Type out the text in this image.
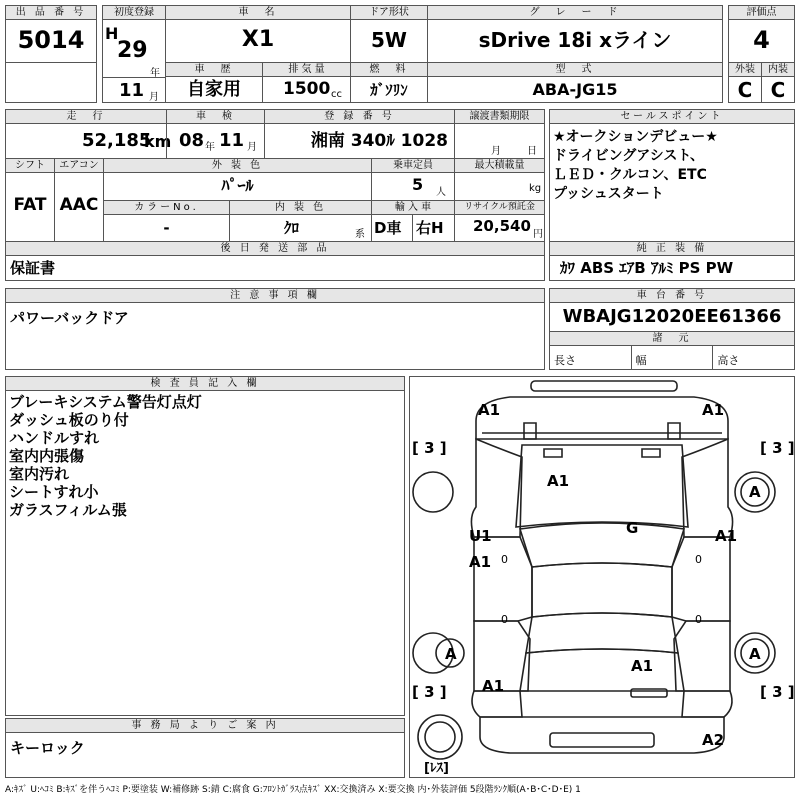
出 品 番 号
5014
初度登録
H
29
年
11 月
車　名
X1
ドア形状
5W
グ　レ　ー　ド
sDrive 18i xライン
評価点
4
車　歴
自家用
排 気 量
1500 cc
燃　料
ｶﾞｿﾘﾝ
型　式
ABA-JG15
外装
C
内装
C
走　行
52,185
km
車　検
08 年 11 月
登 録 番 号
湘南 340ﾙ 1028
譲渡書類期限
月	日
セールスポイント
★オークションデビュー★
ドライビングアシスト、
ＬＥＤ・クルコン、ETC
プッシュスタート
シフト
FAT
エアコン
AAC
外 装 色
ﾊﾟｰﾙ
乗車定員
5 人
最大積載量
kg
カラーNo.
-
内 装 色
ｸﾛ	系
輸 入 車
D車 右H
リサイクル預託金
20,540 円
後 日 発 送 部 品
保証書
純 正 装 備
ｶﾜ ABS ｴｱB ｱﾙﾐ PS PW
注 意 事 項 欄
パワーバックドア
車 台 番 号
WBAJG12020EE61366
諸　元
長さ	幅	高さ
検 査 員 記 入 欄
ブレーキシステム警告灯点灯
ダッシュ板のり付
ハンドルすれ
室内内張傷
室内汚れ
シートすれ小
ガラスフィルム張
事 務 局 よ り ご 案 内
キーロック
A1	A1
[ 3 ]	[ 3 ]
A
A1
G
U1
A1
A1
0	0
0	0
A	A
A1
[ 3 ]	[ 3 ]
A1
A2
[ﾚｽ]
A:ｷｽﾞ U:ﾍｺﾐ B:ｷｽﾞを伴うﾍｺﾐ P:要塗装 W:補修跡 S:錆 C:腐食 G:ﾌﾛﾝﾄｶﾞﾗｽ点ｷｽﾞ XX:交換済み X:要交換 内･外装評価 5段階ﾗﾝｸ順(A･B･C･D･E) 1
